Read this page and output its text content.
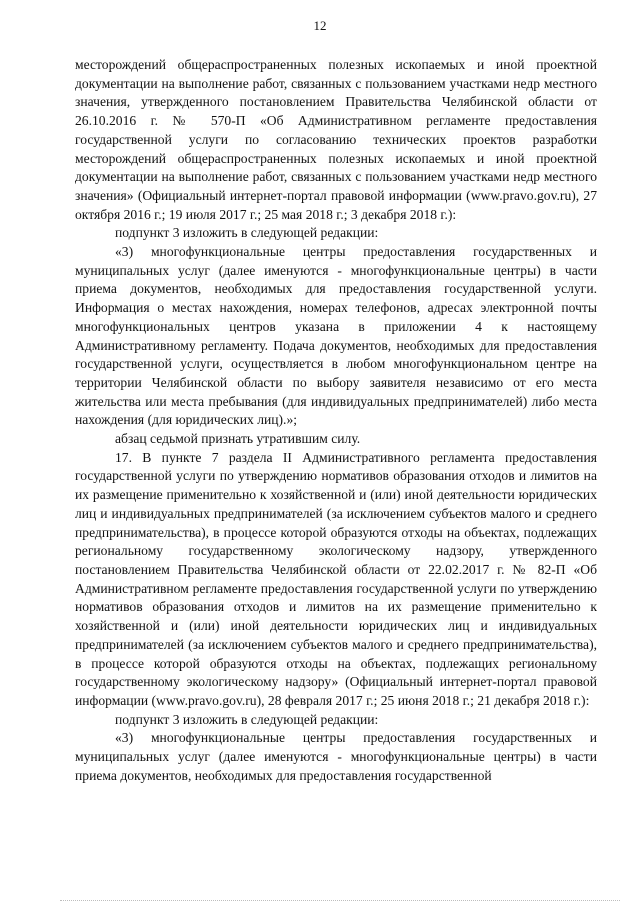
12

месторождений общераспространенных полезных ископаемых и иной проектной документации на выполнение работ, связанных с пользованием участками недр местного значения, утвержденного постановлением Правительства Челябинской области от 26.10.2016 г. № 570-П «Об Административном регламенте предоставления государственной услуги по согласованию технических проектов разработки месторождений общераспространенных полезных ископаемых и иной проектной документации на выполнение работ, связанных с пользованием участками недр местного значения» (Официальный интернет-портал правовой информации (www.pravo.gov.ru), 27 октября 2016 г.; 19 июля 2017 г.; 25 мая 2018 г.; 3 декабря 2018 г.):

подпункт 3 изложить в следующей редакции:

«3) многофункциональные центры предоставления государственных и муниципальных услуг (далее именуются - многофункциональные центры) в части приема документов, необходимых для предоставления государственной услуги. Информация о местах нахождения, номерах телефонов, адресах электронной почты многофункциональных центров указана в приложении 4 к настоящему Административному регламенту. Подача документов, необходимых для предоставления государственной услуги, осуществляется в любом многофункциональном центре на территории Челябинской области по выбору заявителя независимо от его места жительства или места пребывания (для индивидуальных предпринимателей) либо места нахождения (для юридических лиц).»;

абзац седьмой признать утратившим силу.

17. В пункте 7 раздела II Административного регламента предоставления государственной услуги по утверждению нормативов образования отходов и лимитов на их размещение применительно к хозяйственной и (или) иной деятельности юридических лиц и индивидуальных предпринимателей (за исключением субъектов малого и среднего предпринимательства), в процессе которой образуются отходы на объектах, подлежащих региональному государственному экологическому надзору, утвержденного постановлением Правительства Челябинской области от 22.02.2017 г. № 82-П «Об Административном регламенте предоставления государственной услуги по утверждению нормативов образования отходов и лимитов на их размещение применительно к хозяйственной и (или) иной деятельности юридических лиц и индивидуальных предпринимателей (за исключением субъектов малого и среднего предпринимательства), в процессе которой образуются отходы на объектах, подлежащих региональному государственному экологическому надзору» (Официальный интернет-портал правовой информации (www.pravo.gov.ru), 28 февраля 2017 г.; 25 июня 2018 г.; 21 декабря 2018 г.):

подпункт 3 изложить в следующей редакции:

«3) многофункциональные центры предоставления государственных и муниципальных услуг (далее именуются - многофункциональные центры) в части приема документов, необходимых для предоставления государственной
